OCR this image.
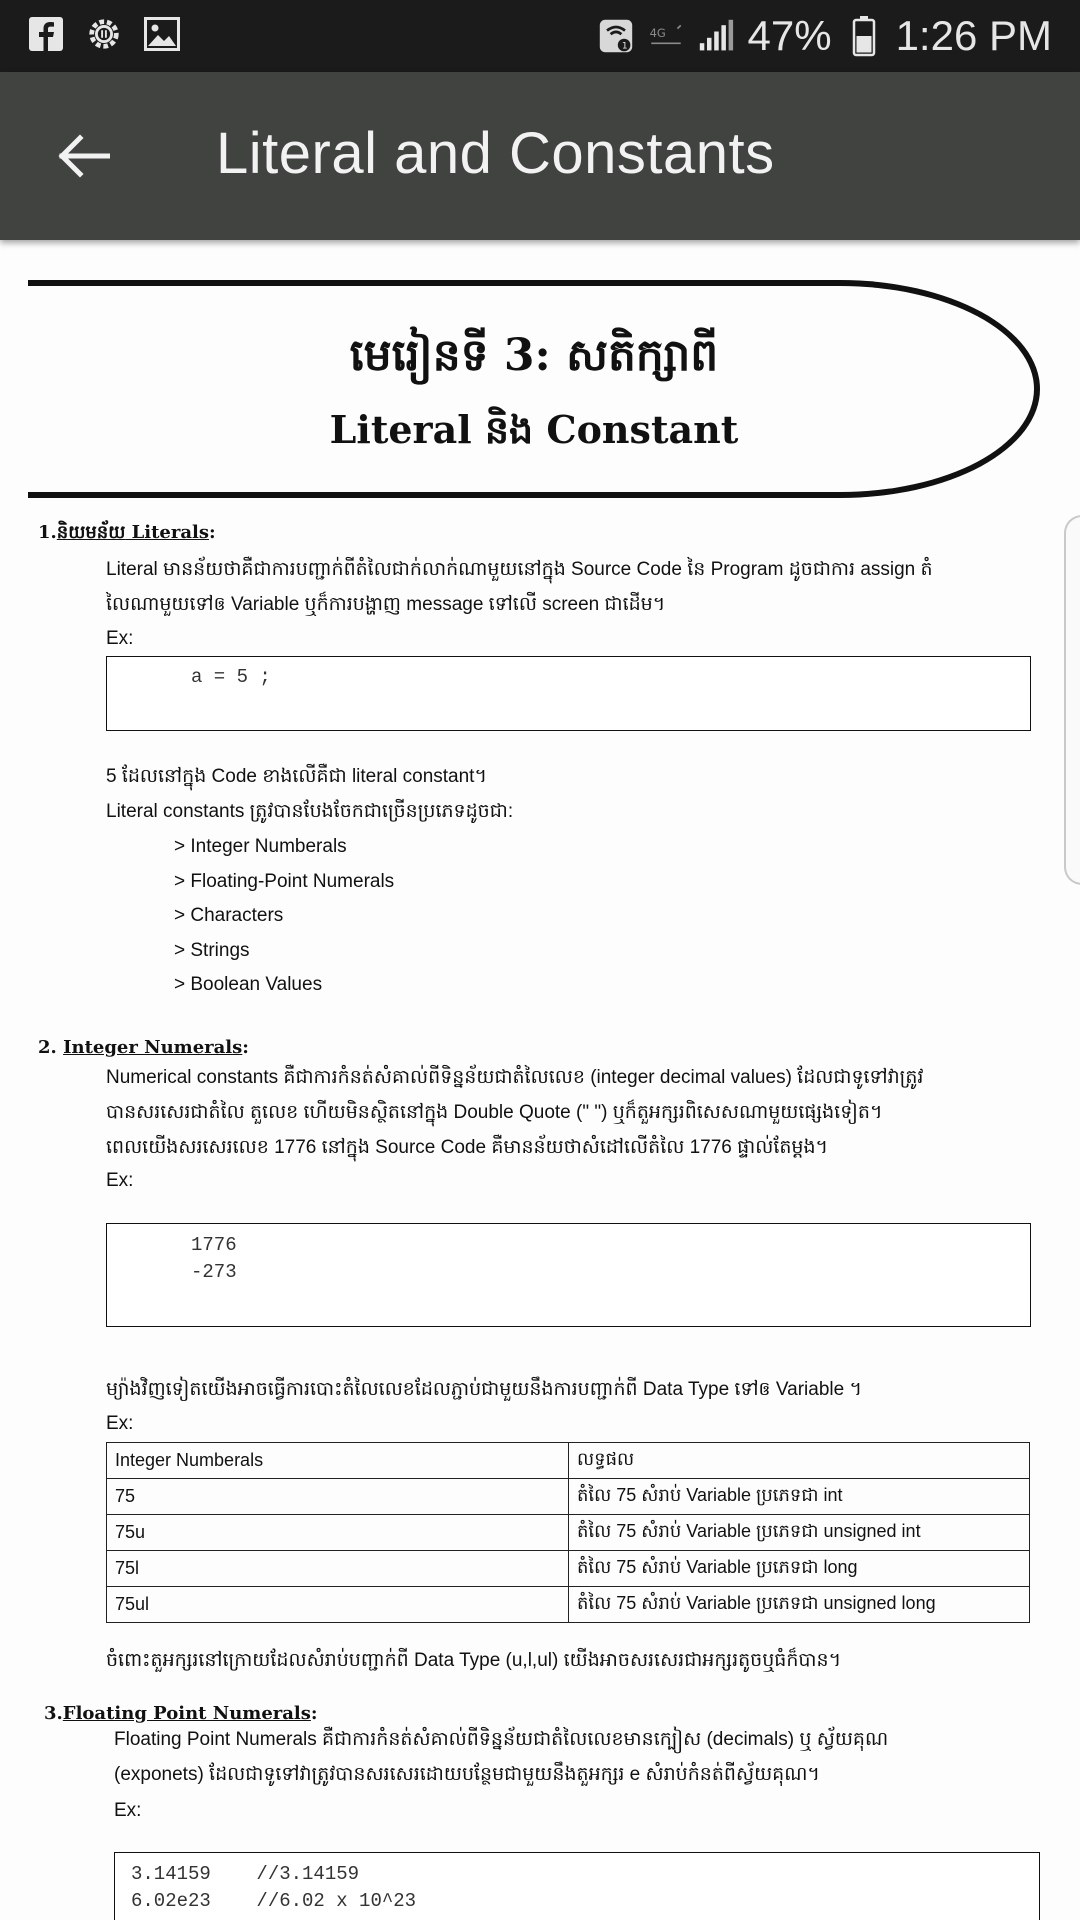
1
4G 47% 1:26 PM
Literal and Constants
មេរៀនទី 3: សតិក្សាពី
Literal និង Constant
1.និយមន័យ Literals:
Literal មានន័យថាគឺជាការបញ្ជាក់ពីតំលៃជាក់លាក់ណាមួយនៅក្នុង Source Code នៃ Program ដូចជាការ assign តំ
លៃណាមួយទៅឲ Variable ឬក៏ការបង្ហាញ message ទៅលើ screen ជាដើម។
Ex:
a = 5 ;
5 ដែលនៅក្នុង Code ខាងលើគឺជា literal constant។
Literal constants ត្រូវបានបែងចែកជាច្រើនប្រភេទដូចជា:
> Integer Numberals
> Floating-Point Numerals
> Characters
> Strings
> Boolean Values
2. Integer Numerals:
Numerical constants គឺជាការកំនត់សំគាល់ពីទិន្នន័យជាតំលៃលេខ (integer decimal values) ដែលជាទូទៅវាត្រូវ
បានសរសេរជាតំលៃ តួលេខ ហើយមិនស្ថិតនៅក្នុង Double Quote (" ") ឬក៏តួអក្សរពិសេសណាមួយផ្សេងទៀត។
ពេលយើងសរសេរលេខ 1776 នៅក្នុង Source Code គឺមានន័យថាសំដៅលើតំលៃ 1776 ផ្ទាល់តែម្តង។
Ex:
1776
-273
ម្យ៉ាងវិញទៀតយើងអាចធ្វើការបោះតំលៃលេខដែលភ្ជាប់ជាមួយនឹងការបញ្ជាក់ពី Data Type ទៅឲ Variable ។
Ex:
Integer Numberals	លទ្ធផល
75	តំលៃ 75 សំរាប់ Variable ប្រភេទជា int
75u	តំលៃ 75 សំរាប់ Variable ប្រភេទជា unsigned int
75l	តំលៃ 75 សំរាប់ Variable ប្រភេទជា long
75ul	តំលៃ 75 សំរាប់ Variable ប្រភេទជា unsigned long
ចំពោះតួអក្សរនៅក្រោយដែលសំរាប់បញ្ជាក់ពី Data Type (u,l,ul) យើងអាចសរសេរជាអក្សរតូចឬធំក៏បាន។
3.Floating Point Numerals:
Floating Point Numerals គឺជាការកំនត់សំគាល់ពីទិន្នន័យជាតំលៃលេខមានក្បៀស (decimals) ឬ ស្វ័យគុណ
(exponets) ដែលជាទូទៅវាត្រូវបានសរសេរដោយបន្ថែមជាមួយនឹងតួអក្សរ e សំរាប់កំនត់ពីស្វ័យគុណ។
Ex:
3.14159    //3.14159
6.02e23    //6.02 x 10^23
